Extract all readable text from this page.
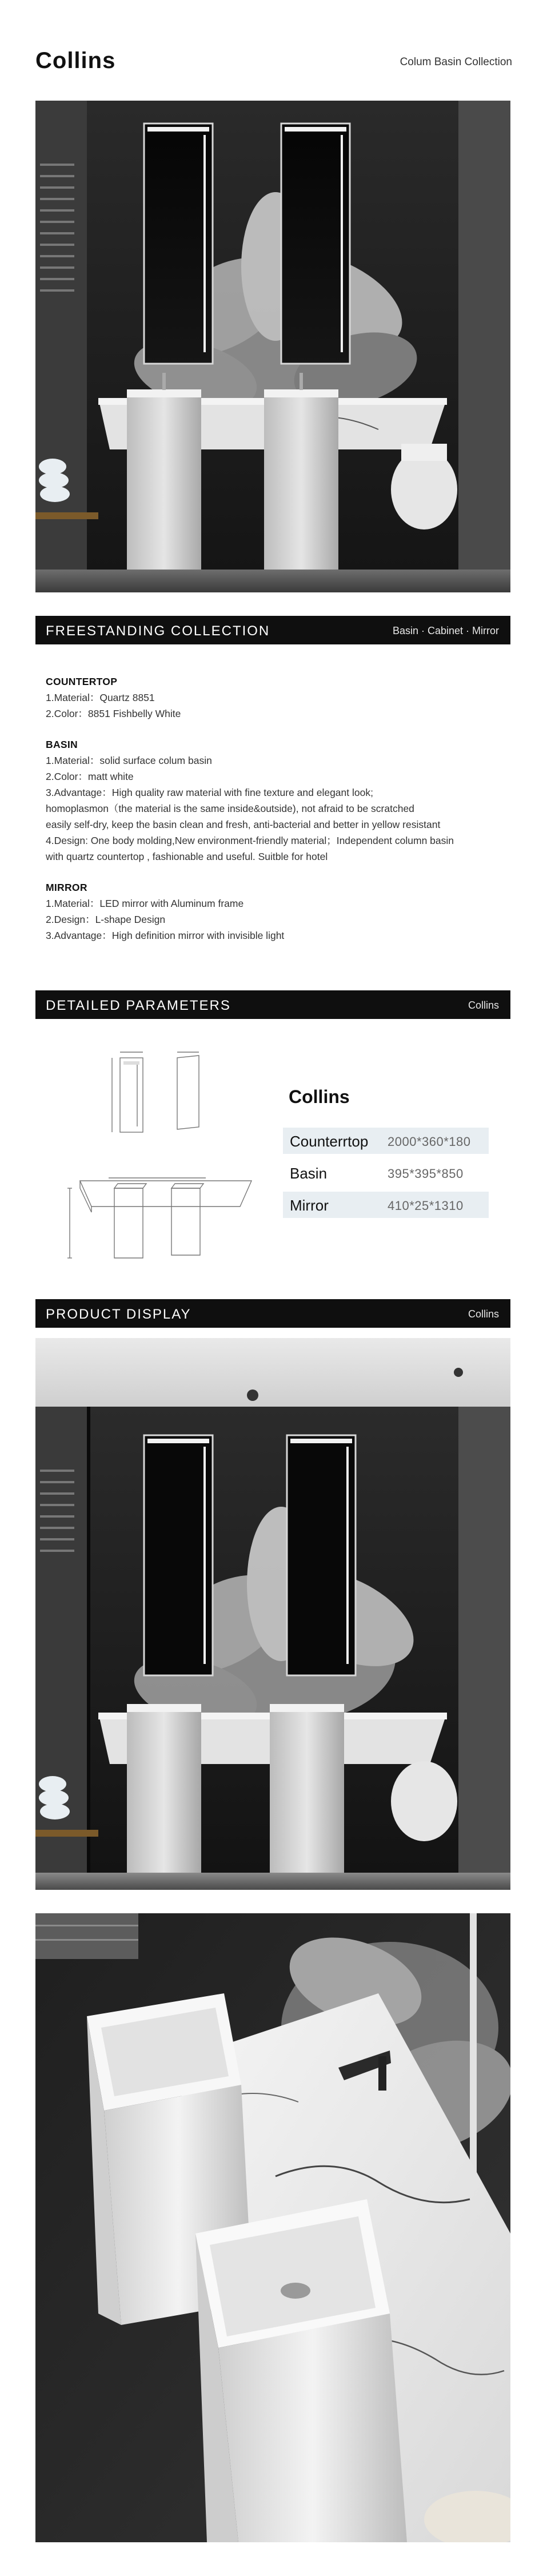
Collins	Colum Basin Collection
FREESTANDING COLLECTION	Basin · Cabinet · Mirror
COUNTERTOP
1.Material：Quartz 8851
2.Color：8851 Fishbelly White
BASIN
1.Material：solid surface colum basin
2.Color：matt white
3.Advantage：High quality raw material with fine texture and elegant look;
homoplasmon（the material is the same inside&outside), not afraid to be scratched
easily self-dry, keep the basin clean and fresh, anti-bacterial and better in yellow resistant
4.Design: One body molding,New environment-friendly material；Independent column basin
with quartz countertop , fashionable and useful. Suitble for hotel
MIRROR
1.Material：LED mirror with Aluminum frame
2.Design：L-shape Design
3.Advantage：High definition mirror with invisible light
DETAILED PARAMETERS	Collins
Collins
Counterrtop 2000*360*180
Basin	395*395*850
Mirror	410*25*1310
PRODUCT DISPLAY	Collins
